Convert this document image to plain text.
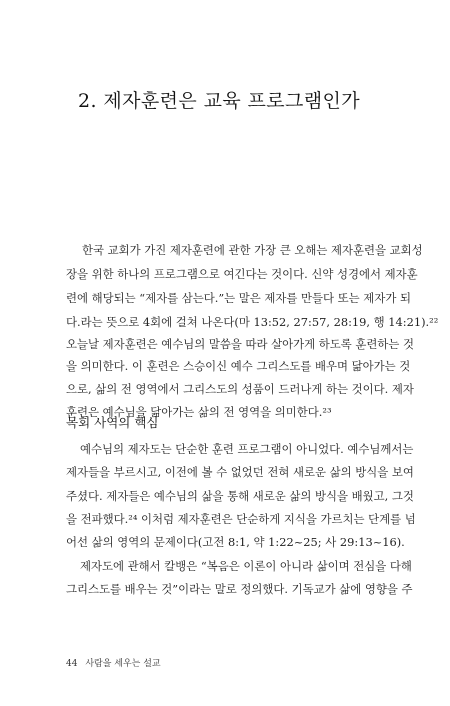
2. 제자훈련은 교육 프로그램인가
한국 교회가 가진 제자훈련에 관한 가장 큰 오해는 제자훈련을 교회성
장을 위한 하나의 프로그램으로 여긴다는 것이다. 신약 성경에서 제자훈
련에 해당되는 “제자를 삼는다.”는 말은 제자를 만들다 또는 제자가 되
다.라는 뜻으로 4회에 걸쳐 나온다(마 13:52, 27:57, 28:19, 행 14:21).²²
오늘날 제자훈련은 예수님의 말씀을 따라 살아가게 하도록 훈련하는 것
을 의미한다. 이 훈련은 스승이신 예수 그리스도를 배우며 닮아가는 것
으로, 삶의 전 영역에서 그리스도의 성품이 드러나게 하는 것이다. 제자
훈련은 예수님을 닮아가는 삶의 전 영역을 의미한다.²³
목회 사역의 핵심
예수님의 제자도는 단순한 훈련 프로그램이 아니었다. 예수님께서는
제자들을 부르시고, 이전에 볼 수 없었던 전혀 새로운 삶의 방식을 보여
주셨다. 제자들은 예수님의 삶을 통해 새로운 삶의 방식을 배웠고, 그것
을 전파했다.²⁴ 이처럼 제자훈련은 단순하게 지식을 가르치는 단계를 넘
어선 삶의 영역의 문제이다(고전 8:1, 약 1:22~25; 사 29:13~16).
제자도에 관해서 칼뱅은 “복음은 이론이 아니라 삶이며 전심을 다해
그리스도를 배우는 것”이라는 말로 정의했다. 기독교가 삶에 영향을 주
44 사람을 세우는 설교
